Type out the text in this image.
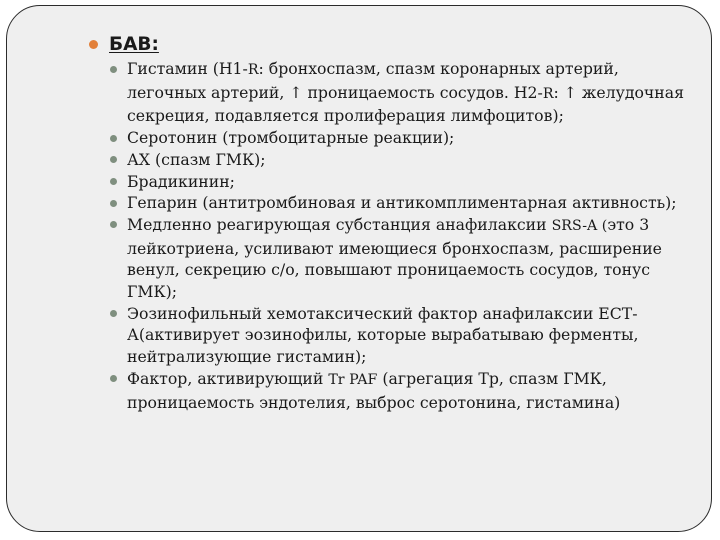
БАВ:
Гистамин (Н1-R: бронхоспазм, спазм коронарных артерий, легочных артерий, ↑ проницаемость сосудов. Н2-R: ↑ желудочная секреция, подавляется пролиферация лимфоцитов);
Серотонин (тромбоцитарные реакции);
АХ (спазм ГМК);
Брадикинин;
Гепарин (антитромбиновая и антикомплиментарная активность);
Медленно реагирующая субстанция анафилаксии SRS-A (это 3 лейкотриена, усиливают имеющиеся бронхоспазм, расширение венул, секрецию с/о, повышают проницаемость сосудов, тонус ГМК);
Эозинофильный хемотаксический фактор анафилаксии ЕСТ-А(активирует эозинофилы, которые вырабатываю ферменты, нейтрализующие гистамин);
Фактор, активирующий Tr PAF (агрегация Тр, спазм ГМК, проницаемость эндотелия, выброс серотонина, гистамина)
